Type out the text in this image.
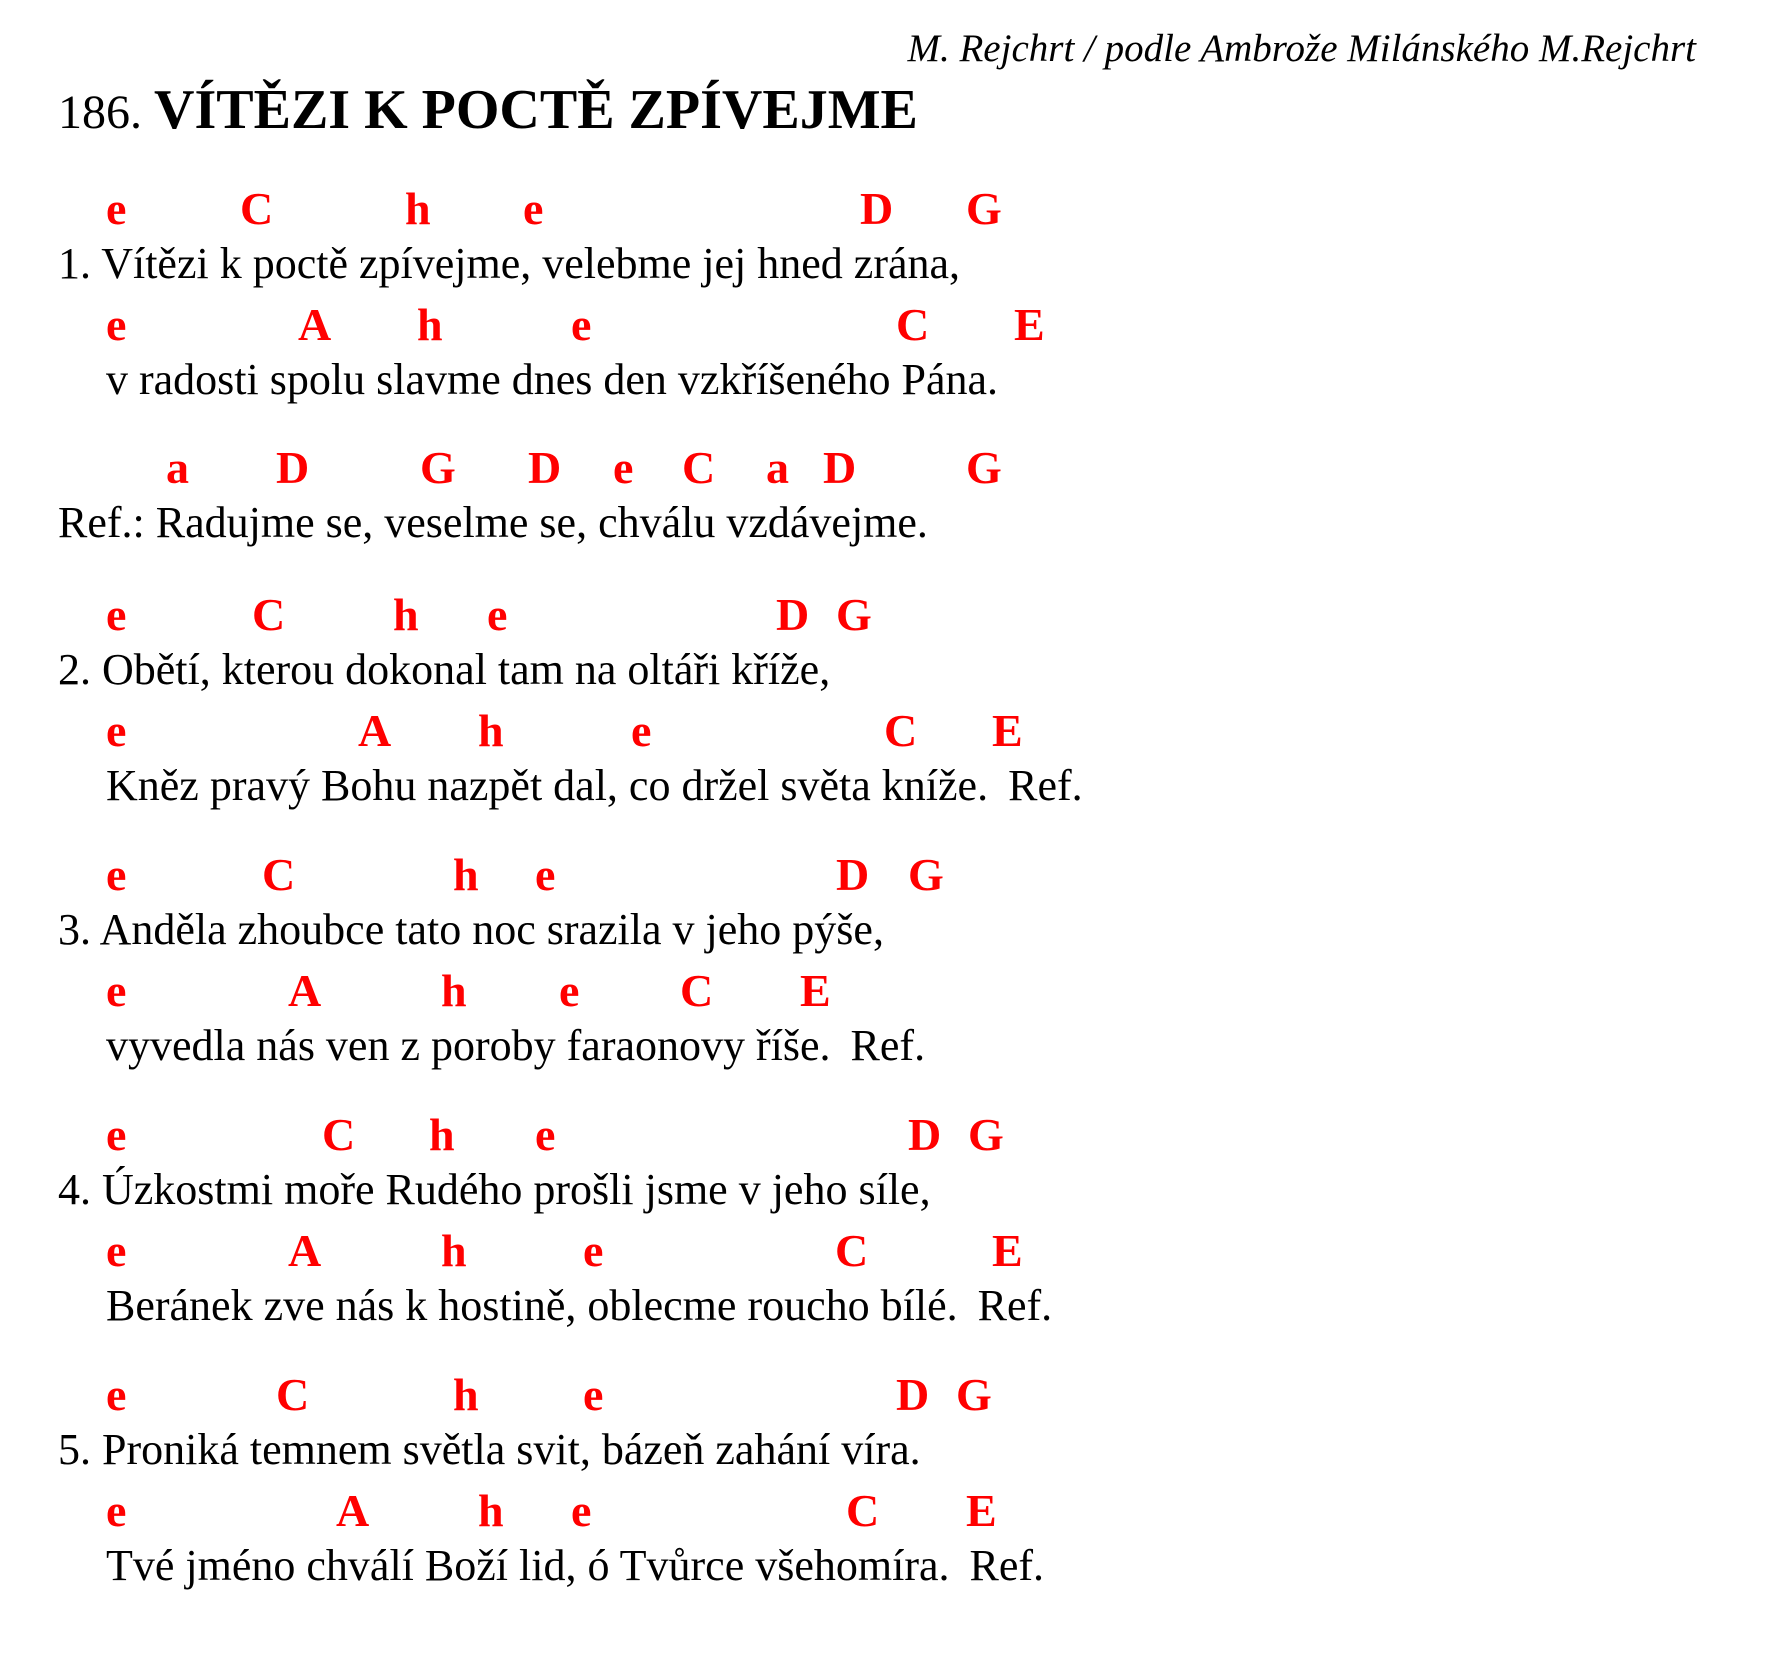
M. Rejchrt / podle Ambrože Milánského M.Rejchrt
186. VÍTĚZI K POCTĚ ZPÍVEJME
e C	h e	D G
1. Vítězi k poctě zpívejme, velebme jej hned zrána,
e	A h	e	C E
v radosti spolu slavme dnes den vzkříšeného Pána.
a D G D e C a D G
Ref.: Radujme se, veselme se, chválu vzdávejme.
e	C h e	D G
2. Obětí, kterou dokonal tam na oltáři kříže,
e	A h	e	C E
Kněz pravý Bohu nazpět dal, co držel světa kníže. Ref.
e	C	h e	D G
3. Anděla zhoubce tato noc srazila v jeho pýše,
e	A	h e C E
vyvedla nás ven z poroby faraonovy říše. Ref.
e	C h e	D G
4. Úzkostmi moře Rudého prošli jsme v jeho síle,
e	A	h	e	C	E
Beránek zve nás k hostině, oblecme roucho bílé. Ref.
e	C	h e	D G
5. Proniká temnem světla svit, bázeň zahání víra.
e	A h e	C E
Tvé jméno chválí Boží lid, ó Tvůrce všehomíra. Ref.
